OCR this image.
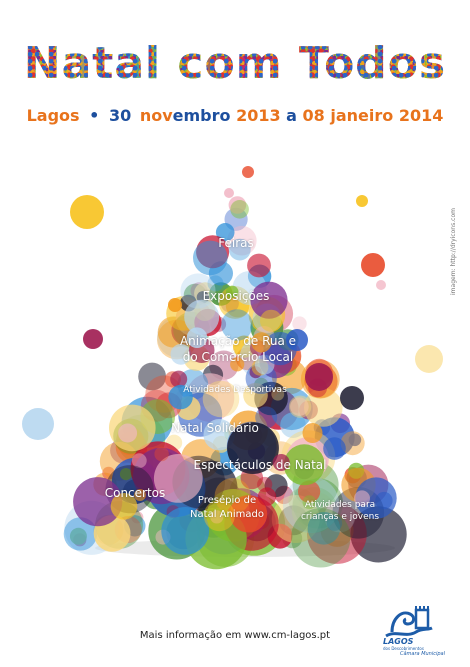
Natal com Todos
Lagos • 30 novembro 2013 a 08 janeiro 2014
Feiras
Exposições
Animação de Rua e
do Comércio Local
Atividades Desportivas
Natal Solidário
Espectáculos de Natal
Concertos
Presépio de
Natal Animado
Atividades para
crianças e jovens
imagem: http://dryicons.com
Mais informação em www.cm-lagos.pt
LAGOS
dos Descobrimentos
Câmara Municipal
